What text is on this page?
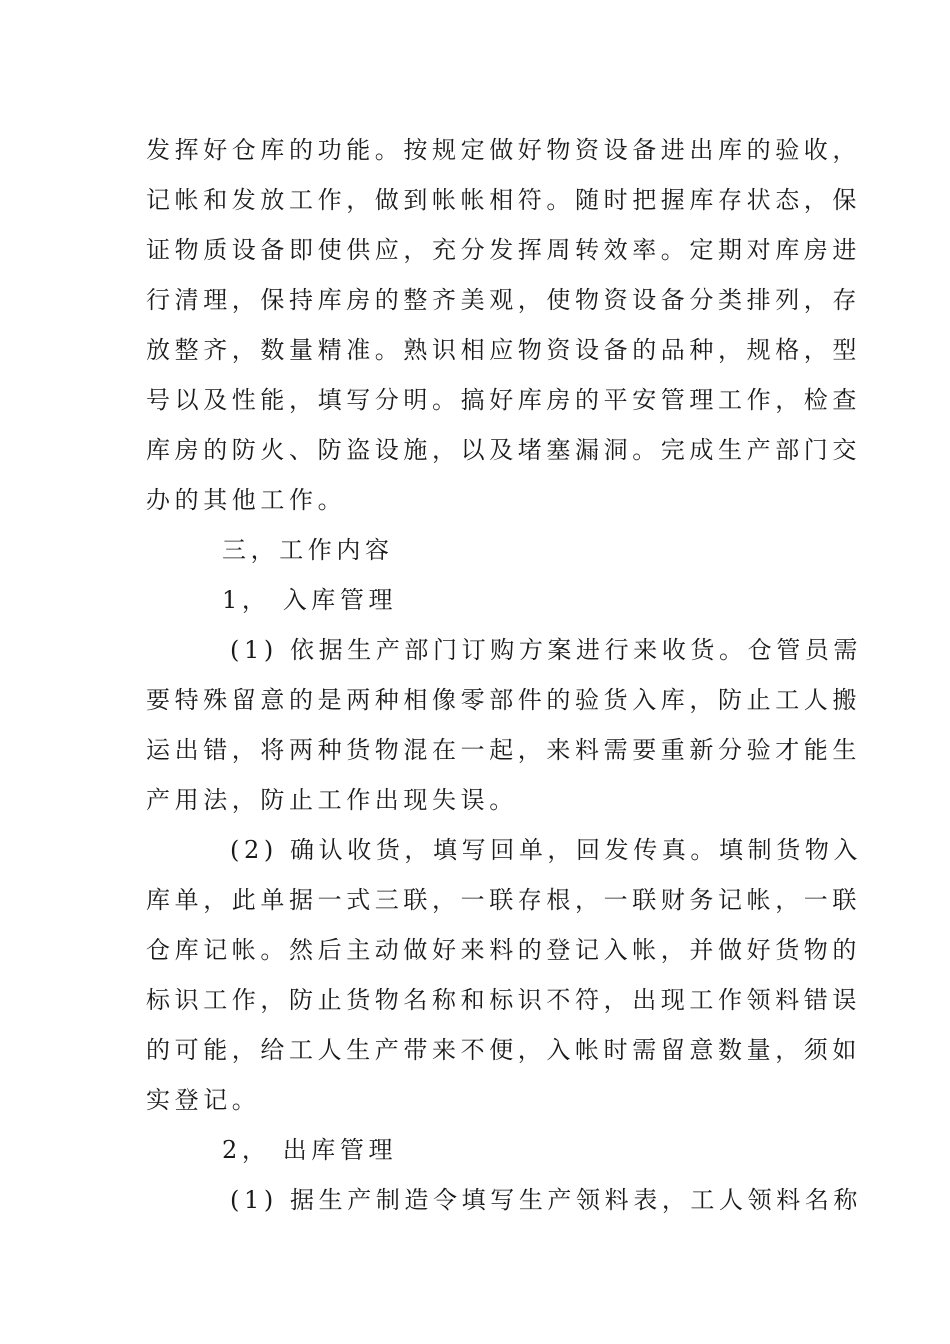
发挥好仓库的功能。按规定做好物资设备进出库的验收，
记帐和发放工作，做到帐帐相符。随时把握库存状态，保
证物质设备即使供应，充分发挥周转效率。定期对库房进
行清理，保持库房的整齐美观，使物资设备分类排列，存
放整齐，数量精准。熟识相应物资设备的品种，规格，型
号以及性能，填写分明。搞好库房的平安管理工作，检查
库房的防火、防盗设施，以及堵塞漏洞。完成生产部门交
办的其他工作。
三，工作内容
1， 入库管理
(1) 依据生产部门订购方案进行来收货。仓管员需
要特殊留意的是两种相像零部件的验货入库，防止工人搬
运出错，将两种货物混在一起，来料需要重新分验才能生
产用法，防止工作出现失误。
(2) 确认收货，填写回单，回发传真。填制货物入
库单，此单据一式三联，一联存根，一联财务记帐，一联
仓库记帐。然后主动做好来料的登记入帐，并做好货物的
标识工作，防止货物名称和标识不符，出现工作领料错误
的可能，给工人生产带来不便，入帐时需留意数量，须如
实登记。
2， 出库管理
(1) 据生产制造令填写生产领料表，工人领料名称
